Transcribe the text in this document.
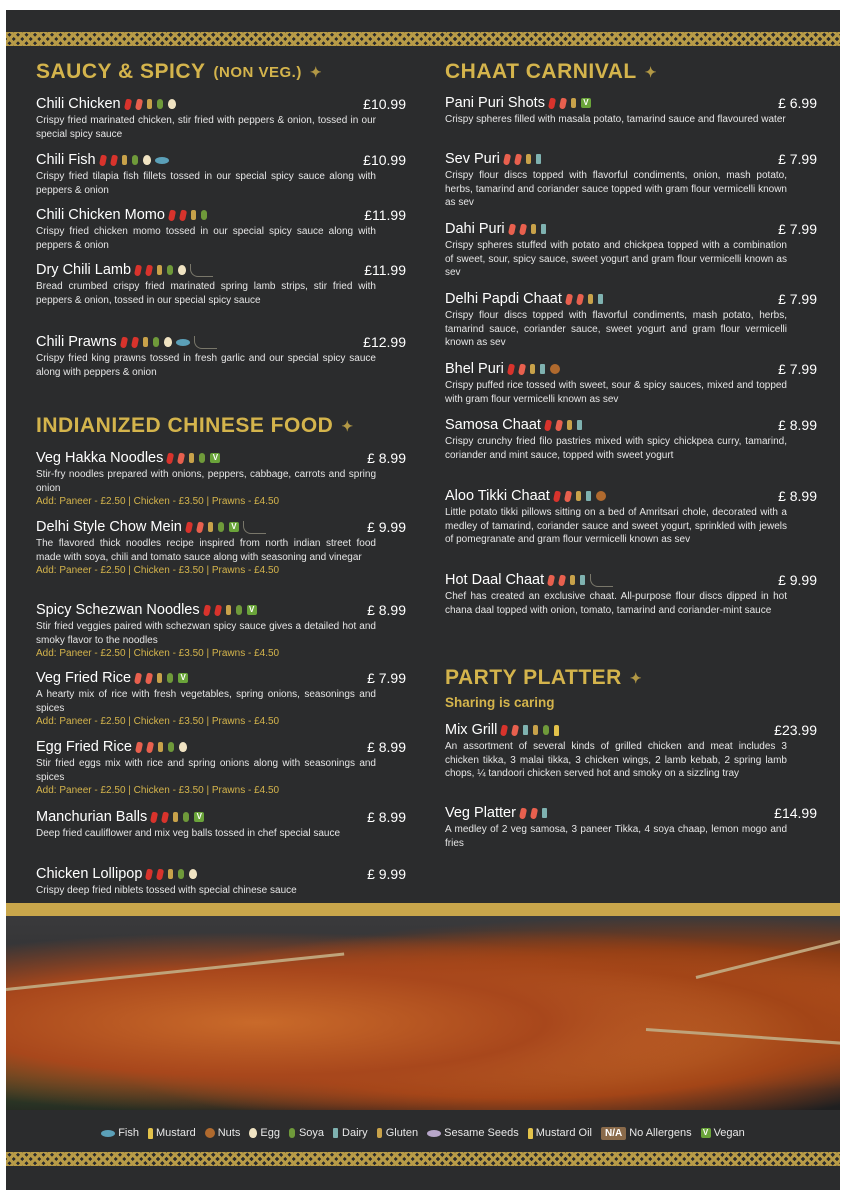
SAUCY & SPICY (NON VEG.) ✦
Chili Chicken	£10.99
Crispy fried marinated chicken, stir fried with peppers & onion, tossed in our special spicy sauce
Chili Fish	£10.99
Crispy fried tilapia fish fillets tossed in our special spicy sauce along with peppers & onion
Chili Chicken Momo	£11.99
Crispy fried chicken momo tossed in our special spicy sauce along with peppers & onion
Dry Chili Lamb	£11.99
Bread crumbed crispy fried marinated spring lamb strips, stir fried with peppers & onion, tossed in our special spicy sauce
Chili Prawns	£12.99
Crispy fried king prawns tossed in fresh garlic and our special spicy sauce along with peppers & onion
INDIANIZED CHINESE FOOD ✦
Veg Hakka Noodles	V	£ 8.99
Stir-fry noodles prepared with onions, peppers, cabbage, carrots and spring onion
Add: Paneer - £2.50 | Chicken - £3.50 | Prawns - £4.50
Delhi Style Chow Mein	V	£ 9.99
The flavored thick noodles recipe inspired from north indian street food made with soya, chili and tomato sauce along with seasoning and vinegar
Add: Paneer - £2.50 | Chicken - £3.50 | Prawns - £4.50
Spicy Schezwan Noodles	V	£ 8.99
Stir fried veggies paired with schezwan spicy sauce gives a detailed hot and smoky flavor to the noodles
Add: Paneer - £2.50 | Chicken - £3.50 | Prawns - £4.50
Veg Fried Rice	V	£ 7.99
A hearty mix of rice with fresh vegetables, spring onions, seasonings and spices
Add: Paneer - £2.50 | Chicken - £3.50 | Prawns - £4.50
Egg Fried Rice	£ 8.99
Stir fried eggs mix with rice and spring onions along with seasonings and spices
Add: Paneer - £2.50 | Chicken - £3.50 | Prawns - £4.50
Manchurian Balls	V	£ 8.99
Deep fried cauliflower and mix veg balls tossed in chef special sauce
Chicken Lollipop	£ 9.99
Crispy deep fried niblets tossed with special chinese sauce
CHAAT CARNIVAL ✦
Pani Puri Shots	V	£ 6.99
Crispy spheres filled with masala potato, tamarind sauce and flavoured water
Sev Puri	£ 7.99
Crispy flour discs topped with flavorful condiments, onion, mash potato, herbs, tamarind and coriander sauce topped with gram flour vermicelli known as sev
Dahi Puri	£ 7.99
Crispy spheres stuffed with potato and chickpea topped with a combination of sweet, sour, spicy sauce, sweet yogurt and gram flour vermicelli known as sev
Delhi Papdi Chaat	£ 7.99
Crispy flour discs topped with flavorful condiments, mash potato, herbs, tamarind sauce, coriander sauce, sweet yogurt and gram flour vermicelli known as sev
Bhel Puri	£ 7.99
Crispy puffed rice tossed with sweet, sour & spicy sauces, mixed and topped with gram flour vermicelli known as sev
Samosa Chaat	£ 8.99
Crispy crunchy fried filo pastries mixed with spicy chickpea curry, tamarind, coriander and mint sauce, topped with sweet yogurt
Aloo Tikki Chaat	£ 8.99
Little potato tikki pillows sitting on a bed of Amritsari chole, decorated with a medley of tamarind, coriander sauce and sweet yogurt, sprinkled with jewels of pomegranate and gram flour vermicelli known as sev
Hot Daal Chaat	£ 9.99
Chef has created an exclusive chaat. All-purpose flour discs dipped in hot chana daal topped with onion, tomato, tamarind and coriander-mint sauce
PARTY PLATTER ✦
Sharing is caring
Mix Grill	£23.99
An assortment of several kinds of grilled chicken and meat includes 3 chicken tikka, 3 malai tikka, 3 chicken wings, 2 lamb kebab, 2 spring lamb chops, ¼ tandoori chicken served hot and smoky on a sizzling tray
Veg Platter	£14.99
A medley of 2 veg samosa, 3 paneer Tikka, 4 soya chaap, lemon mogo and fries
Fish Mustard Nuts Egg Soya Dairy Gluten Sesame Seeds Mustard Oil	N/A No Allergens V Vegan
